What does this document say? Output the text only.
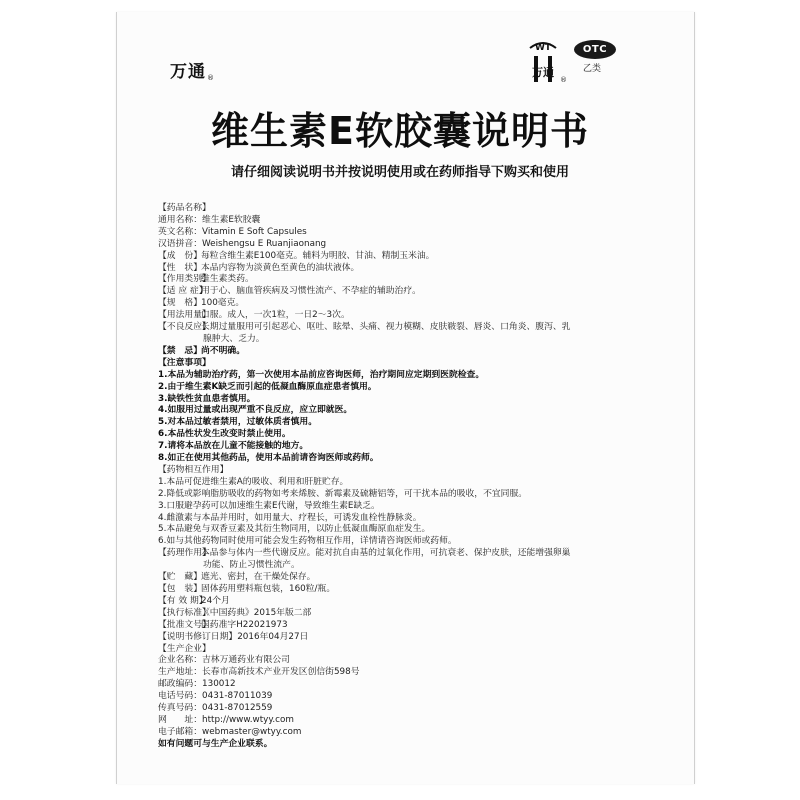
万通®
WT
万通
®
OTC
乙类
维生素E软胶囊说明书
请仔细阅读说明书并按说明使用或在药师指导下购买和使用
【药品名称】
通用名称：维生素E软胶囊
英文名称：Vitamin E Soft Capsules
汉语拼音：Weishengsu E Ruanjiaonang
【成　份】每粒含维生素E100毫克。辅料为明胶、甘油、精制玉米油。
【性　状】本品内容物为淡黄色至黄色的油状液体。
【作用类别】维生素类药。
【适 应 症】用于心、脑血管疾病及习惯性流产、不孕症的辅助治疗。
【规　格】100毫克。
【用法用量】口服。成人，一次1粒，一日2～3次。
【不良反应】长期过量服用可引起恶心、呕吐、眩晕、头痛、视力模糊、皮肤皲裂、唇炎、口角炎、腹泻、乳
腺肿大、乏力。
【禁　忌】尚不明确。
【注意事项】
1.本品为辅助治疗药，第一次使用本品前应咨询医师，治疗期间应定期到医院检查。
2.由于维生素K缺乏而引起的低凝血酶原血症患者慎用。
3.缺铁性贫血患者慎用。
4.如服用过量或出现严重不良反应，应立即就医。
5.对本品过敏者禁用，过敏体质者慎用。
6.本品性状发生改变时禁止使用。
7.请将本品放在儿童不能接触的地方。
8.如正在使用其他药品，使用本品前请咨询医师或药师。
【药物相互作用】
1.本品可促进维生素A的吸收、利用和肝脏贮存。
2.降低或影响脂肪吸收的药物如考来烯胺、新霉素及硫糖铝等，可干扰本品的吸收，不宜同服。
3.口服避孕药可以加速维生素E代谢，导致维生素E缺乏。
4.雌激素与本品并用时，如用量大、疗程长，可诱发血栓性静脉炎。
5.本品避免与双香豆素及其衍生物同用，以防止低凝血酶原血症发生。
6.如与其他药物同时使用可能会发生药物相互作用，详情请咨询医师或药师。
【药理作用】本品参与体内一些代谢反应。能对抗自由基的过氧化作用，可抗衰老、保护皮肤，还能增强卵巢
功能、防止习惯性流产。
【贮　藏】遮光、密封，在干燥处保存。
【包　装】固体药用塑料瓶包装，160粒/瓶。
【有 效 期】24个月
【执行标准】《中国药典》2015年版二部
【批准文号】国药准字H22021973
【说明书修订日期】2016年04月27日
【生产企业】
企业名称：吉林万通药业有限公司
生产地址：长春市高新技术产业开发区创信街598号
邮政编码：130012
电话号码：0431-87011039
传真号码：0431-87012559
网　　址：http://www.wtyy.com
电子邮箱：webmaster@wtyy.com
如有问题可与生产企业联系。
